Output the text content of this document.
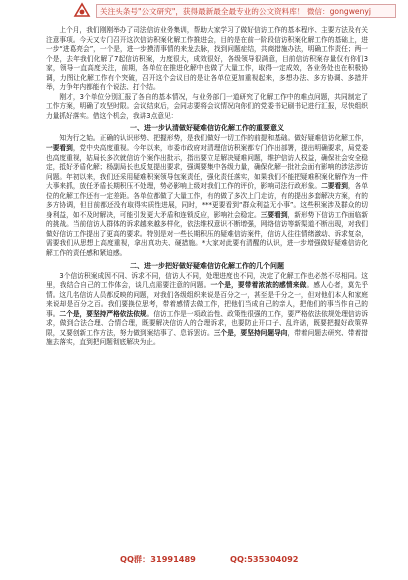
关注头条号"公文研究"，获得最新最全最专业的公文资料库！ 微信：gongwenyj

上个月，我们刚刚举办了司法信访业务集训，帮助大家学习了做好信访工作的基本程序、主要方法及有关注意事项。今天又专门召开这次信访积案化解工作推进会，目的是在前一阶段信访积案化解工作的基础上，进一步“进葛亮会”，一个是，进一步摸清事情的来龙去脉，找到问题症结，共商措施办法，明确工作责任；两一个是，去年我们化解了7起信访积案，力度很大，成效很好，各级领导很满意，目前信访积案存量仅有你们3家，领导一直高度关注，前期，各单位在推进化解中也做了大量工作，取得一定成效，各业务处也在积极协调，力图让化解工作有个突破，召开这个会议目的是让各单位更加重视起来，多想办法、多方协调、多措并举，力争年内都能有个说法、打个结。

刚才，3个单位分别汇报了各自的基本情况，与业务部门一道研究了化解工作中的难点问题，共同制定了工作方案，明确了攻坚时限。会议结束后，会同志要将会议情况向你们的党委书记刷书记进行汇报，尽快组织力量抓好落实。借这个机会，我讲3点意见：

一、进一步认清做好疑难信访化解工作的重要意义

知为行之始。正确的认识形势、把握形势，是我们做好一切工作的前提和基础。做好疑难信访化解工作，一要看到，党中央高度重视。今年以来，市委市政府对清理信访积案都专门作出部署，提出明确要求，局党委也高度重视，姑局长多次就信访个案作出批示，指出要立足解决疑难问题，维护信访人权益，确保社会安全稳定，抵好矛盾化解；杨副局长也反复提出要求，强调要集中各级力量，确保化解一批社会面有影响的涉法涉访问题。年初以来，我们还采用疑难积案领导包案责任，强化责任落实，如果我们不能把疑难积案化解作为一件大事来抓，放任矛盾长期积压不处理，势必影响上级对我们工作的评价，影响司法行政形象。二要看到，各单位的化解工作还有一定差距。各单位都做了大量工作，有的做了多次上门走访，有的提出多套解决方案，有的多方协调，但目前都还没有取得实质性进展，同时，***更要看到“群众利益无小事”。这些积案涉及群众的切身利益，如不及时解决，可能引发更大矛盾和连锁反应，影响社会稳定。三要看到，新形势下信访工作面临新的挑战。当前信访人群体的诉求越来越多样化，依法维权意识不断增强，网络信访等新渠道不断出现，对我们做好信访工作提出了更高的要求。特别是对一些长期积压的疑难信访案件，信访人往往情绪激动、诉求复杂，需要我们从思想上高度重视，拿出真功夫、硬措施。*大家对此要有清醒的认识，进一步增强做好疑难信访化解工作的责任感和紧迫感。

二、进一步把好做好疑难信访化解工作的几个问题

3个信访积案成因不同、诉求不同，信访人不同，处理进度也不同，决定了化解工作也必然不尽相同。这里，我结合自己的工作体会，谈几点需要注意的问题。一个是，要带着浓浓的感情来做。感人心者，莫先乎情。这几名信访人员都反映的问题，对我们各级组织来说是百分之一，甚至是千分之一，但对他们本人和家庭来说却是百分之百。我们要换位思考，带着感情去做工作，把他们当成自己的亲人，把他们的事当作自己的事。二个是，要坚持严格依法依规。信访工作是一项政治性、政策性很强的工作，要严格依法依规处理信访诉求，做到合法合理、合情合理，既要解决信访人的合理诉求，也要防止开口子、乱许诺，既要把握好政策界限，又要创新工作方法，努力做到案结事了、息诉罢访。三个是，要坚持问题导向，带着问题去研究、带着措施去落实，直到把问题彻底解决为止。

QQ群：31991489	QQ:535304092
